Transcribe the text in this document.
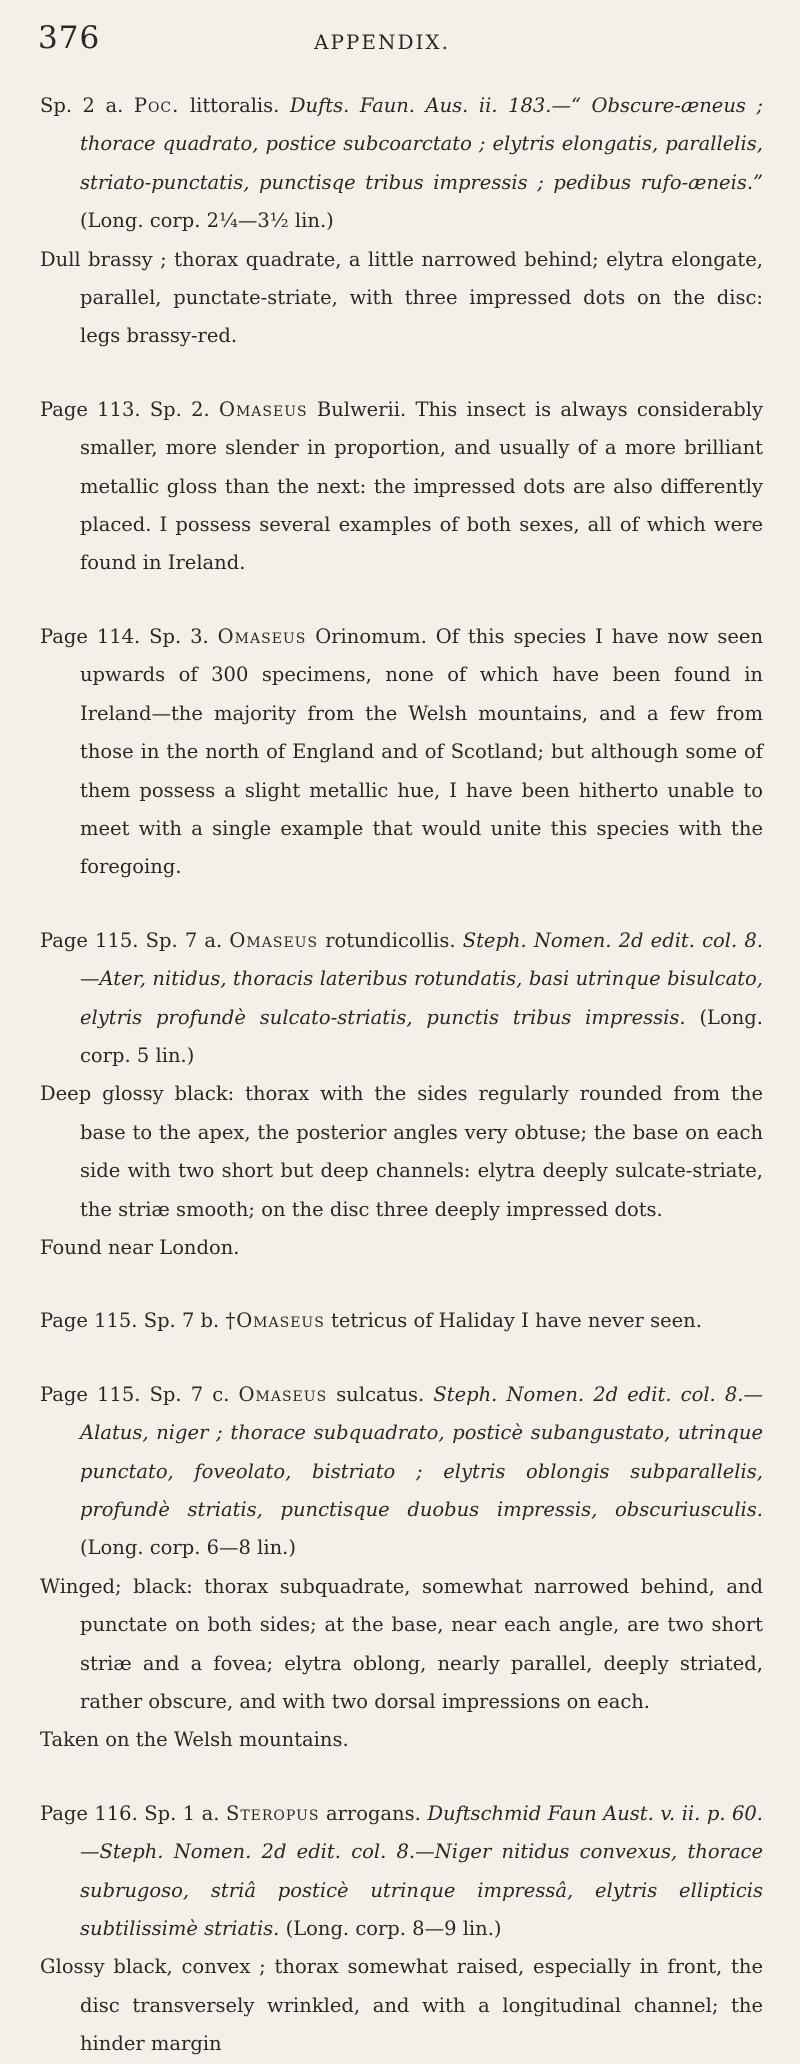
376	APPENDIX.
Sp. 2 a. Poc. littoralis. Dufts. Faun. Aus. ii. 183.—“ Obscure-æneus ; thorace quadrato, postice subcoarctato ; elytris elongatis, parallelis, striato-punctatis, punctisqe tribus impressis ; pedibus rufo-æneis.” (Long. corp. 2¼—3½ lin.)
Dull brassy ; thorax quadrate, a little narrowed behind; elytra elongate, parallel, punctate-striate, with three impressed dots on the disc: legs brassy-red.
Page 113. Sp. 2. Omaseus Bulwerii. This insect is always considerably smaller, more slender in proportion, and usually of a more brilliant metallic gloss than the next: the impressed dots are also differently placed. I possess several examples of both sexes, all of which were found in Ireland.
Page 114. Sp. 3. Omaseus Orinomum. Of this species I have now seen upwards of 300 specimens, none of which have been found in Ireland—the majority from the Welsh mountains, and a few from those in the north of England and of Scotland; but although some of them possess a slight metallic hue, I have been hitherto unable to meet with a single example that would unite this species with the foregoing.
Page 115. Sp. 7 a. Omaseus rotundicollis. Steph. Nomen. 2d edit. col. 8.—Ater, nitidus, thoracis lateribus rotundatis, basi utrinque bisulcato, elytris profundè sulcato-striatis, punctis tribus impressis. (Long. corp. 5 lin.)
Deep glossy black: thorax with the sides regularly rounded from the base to the apex, the posterior angles very obtuse; the base on each side with two short but deep channels: elytra deeply sulcate-striate, the striæ smooth; on the disc three deeply impressed dots.
Found near London.
Page 115. Sp. 7 b. †Omaseus tetricus of Haliday I have never seen.
Page 115. Sp. 7 c. Omaseus sulcatus. Steph. Nomen. 2d edit. col. 8.—Alatus, niger ; thorace subquadrato, posticè subangustato, utrinque punctato, foveolato, bistriato ; elytris oblongis subparallelis, profundè striatis, punctisque duobus impressis, obscuriusculis. (Long. corp. 6—8 lin.)
Winged; black: thorax subquadrate, somewhat narrowed behind, and punctate on both sides; at the base, near each angle, are two short striæ and a fovea; elytra oblong, nearly parallel, deeply striated, rather obscure, and with two dorsal impressions on each.
Taken on the Welsh mountains.
Page 116. Sp. 1 a. Steropus arrogans. Duftschmid Faun Aust. v. ii. p. 60.—Steph. Nomen. 2d edit. col. 8.—Niger nitidus convexus, thorace subrugoso, striâ posticè utrinque impressâ, elytris ellipticis subtilissimè striatis. (Long. corp. 8—9 lin.)
Glossy black, convex ; thorax somewhat raised, especially in front, the disc transversely wrinkled, and with a longitudinal channel; the hinder margin
